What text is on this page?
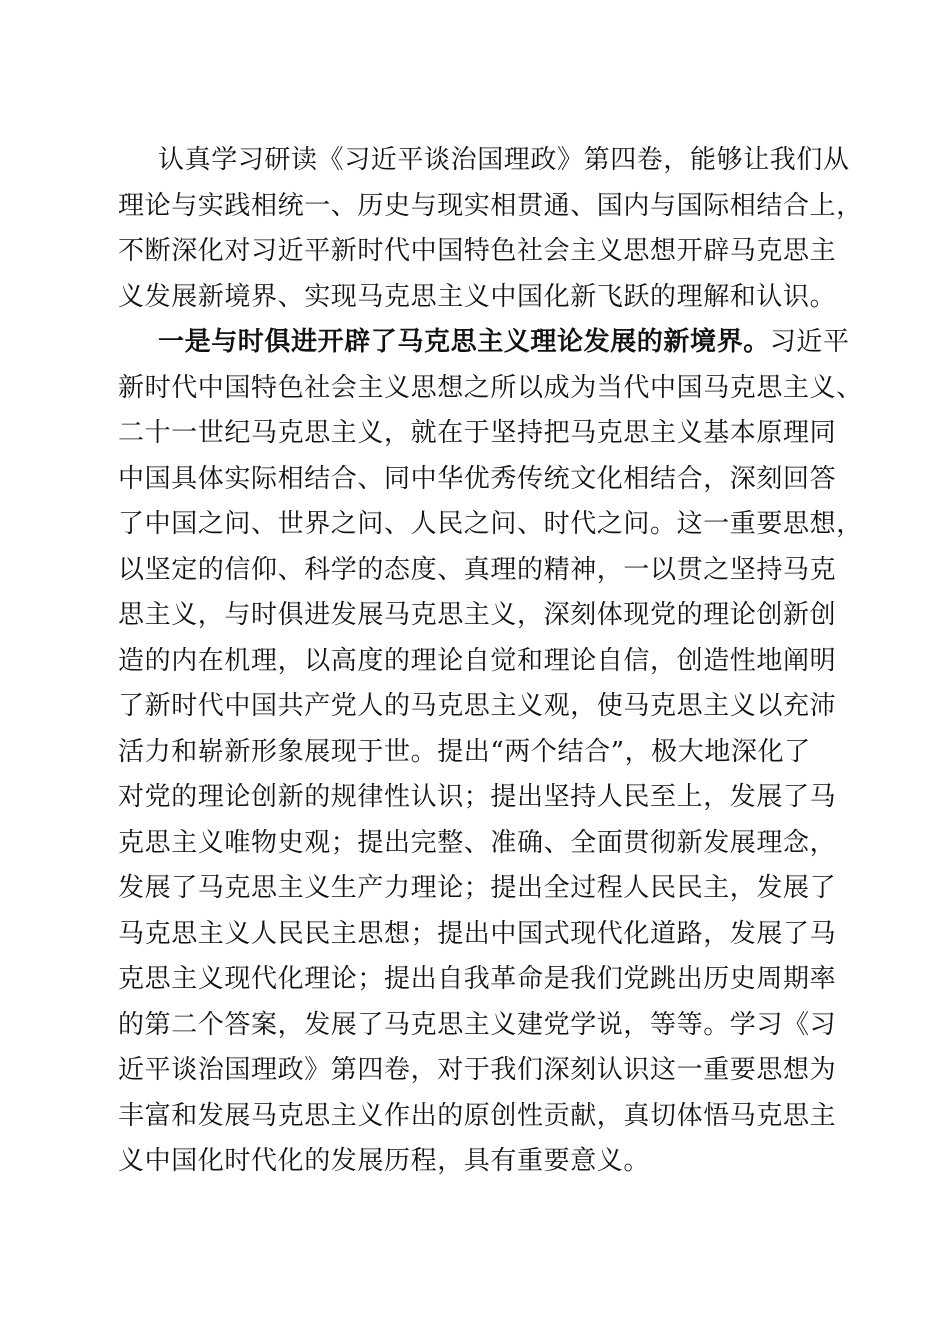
认真学习研读《习近平谈治国理政》第四卷，能够让我们从
理论与实践相统一、历史与现实相贯通、国内与国际相结合上，
不断深化对习近平新时代中国特色社会主义思想开辟马克思主
义发展新境界、实现马克思主义中国化新飞跃的理解和认识。
一是与时俱进开辟了马克思主义理论发展的新境界。习近平
新时代中国特色社会主义思想之所以成为当代中国马克思主义、
二十一世纪马克思主义，就在于坚持把马克思主义基本原理同
中国具体实际相结合、同中华优秀传统文化相结合，深刻回答
了中国之问、世界之问、人民之问、时代之问。这一重要思想，
以坚定的信仰、科学的态度、真理的精神，一以贯之坚持马克
思主义，与时俱进发展马克思主义，深刻体现党的理论创新创
造的内在机理，以高度的理论自觉和理论自信，创造性地阐明
了新时代中国共产党人的马克思主义观，使马克思主义以充沛
活力和崭新形象展现于世。提出“两个结合”，极大地深化了
对党的理论创新的规律性认识；提出坚持人民至上，发展了马
克思主义唯物史观；提出完整、准确、全面贯彻新发展理念，
发展了马克思主义生产力理论；提出全过程人民民主，发展了
马克思主义人民民主思想；提出中国式现代化道路，发展了马
克思主义现代化理论；提出自我革命是我们党跳出历史周期率
的第二个答案，发展了马克思主义建党学说，等等。学习《习
近平谈治国理政》第四卷，对于我们深刻认识这一重要思想为
丰富和发展马克思主义作出的原创性贡献，真切体悟马克思主
义中国化时代化的发展历程，具有重要意义。
